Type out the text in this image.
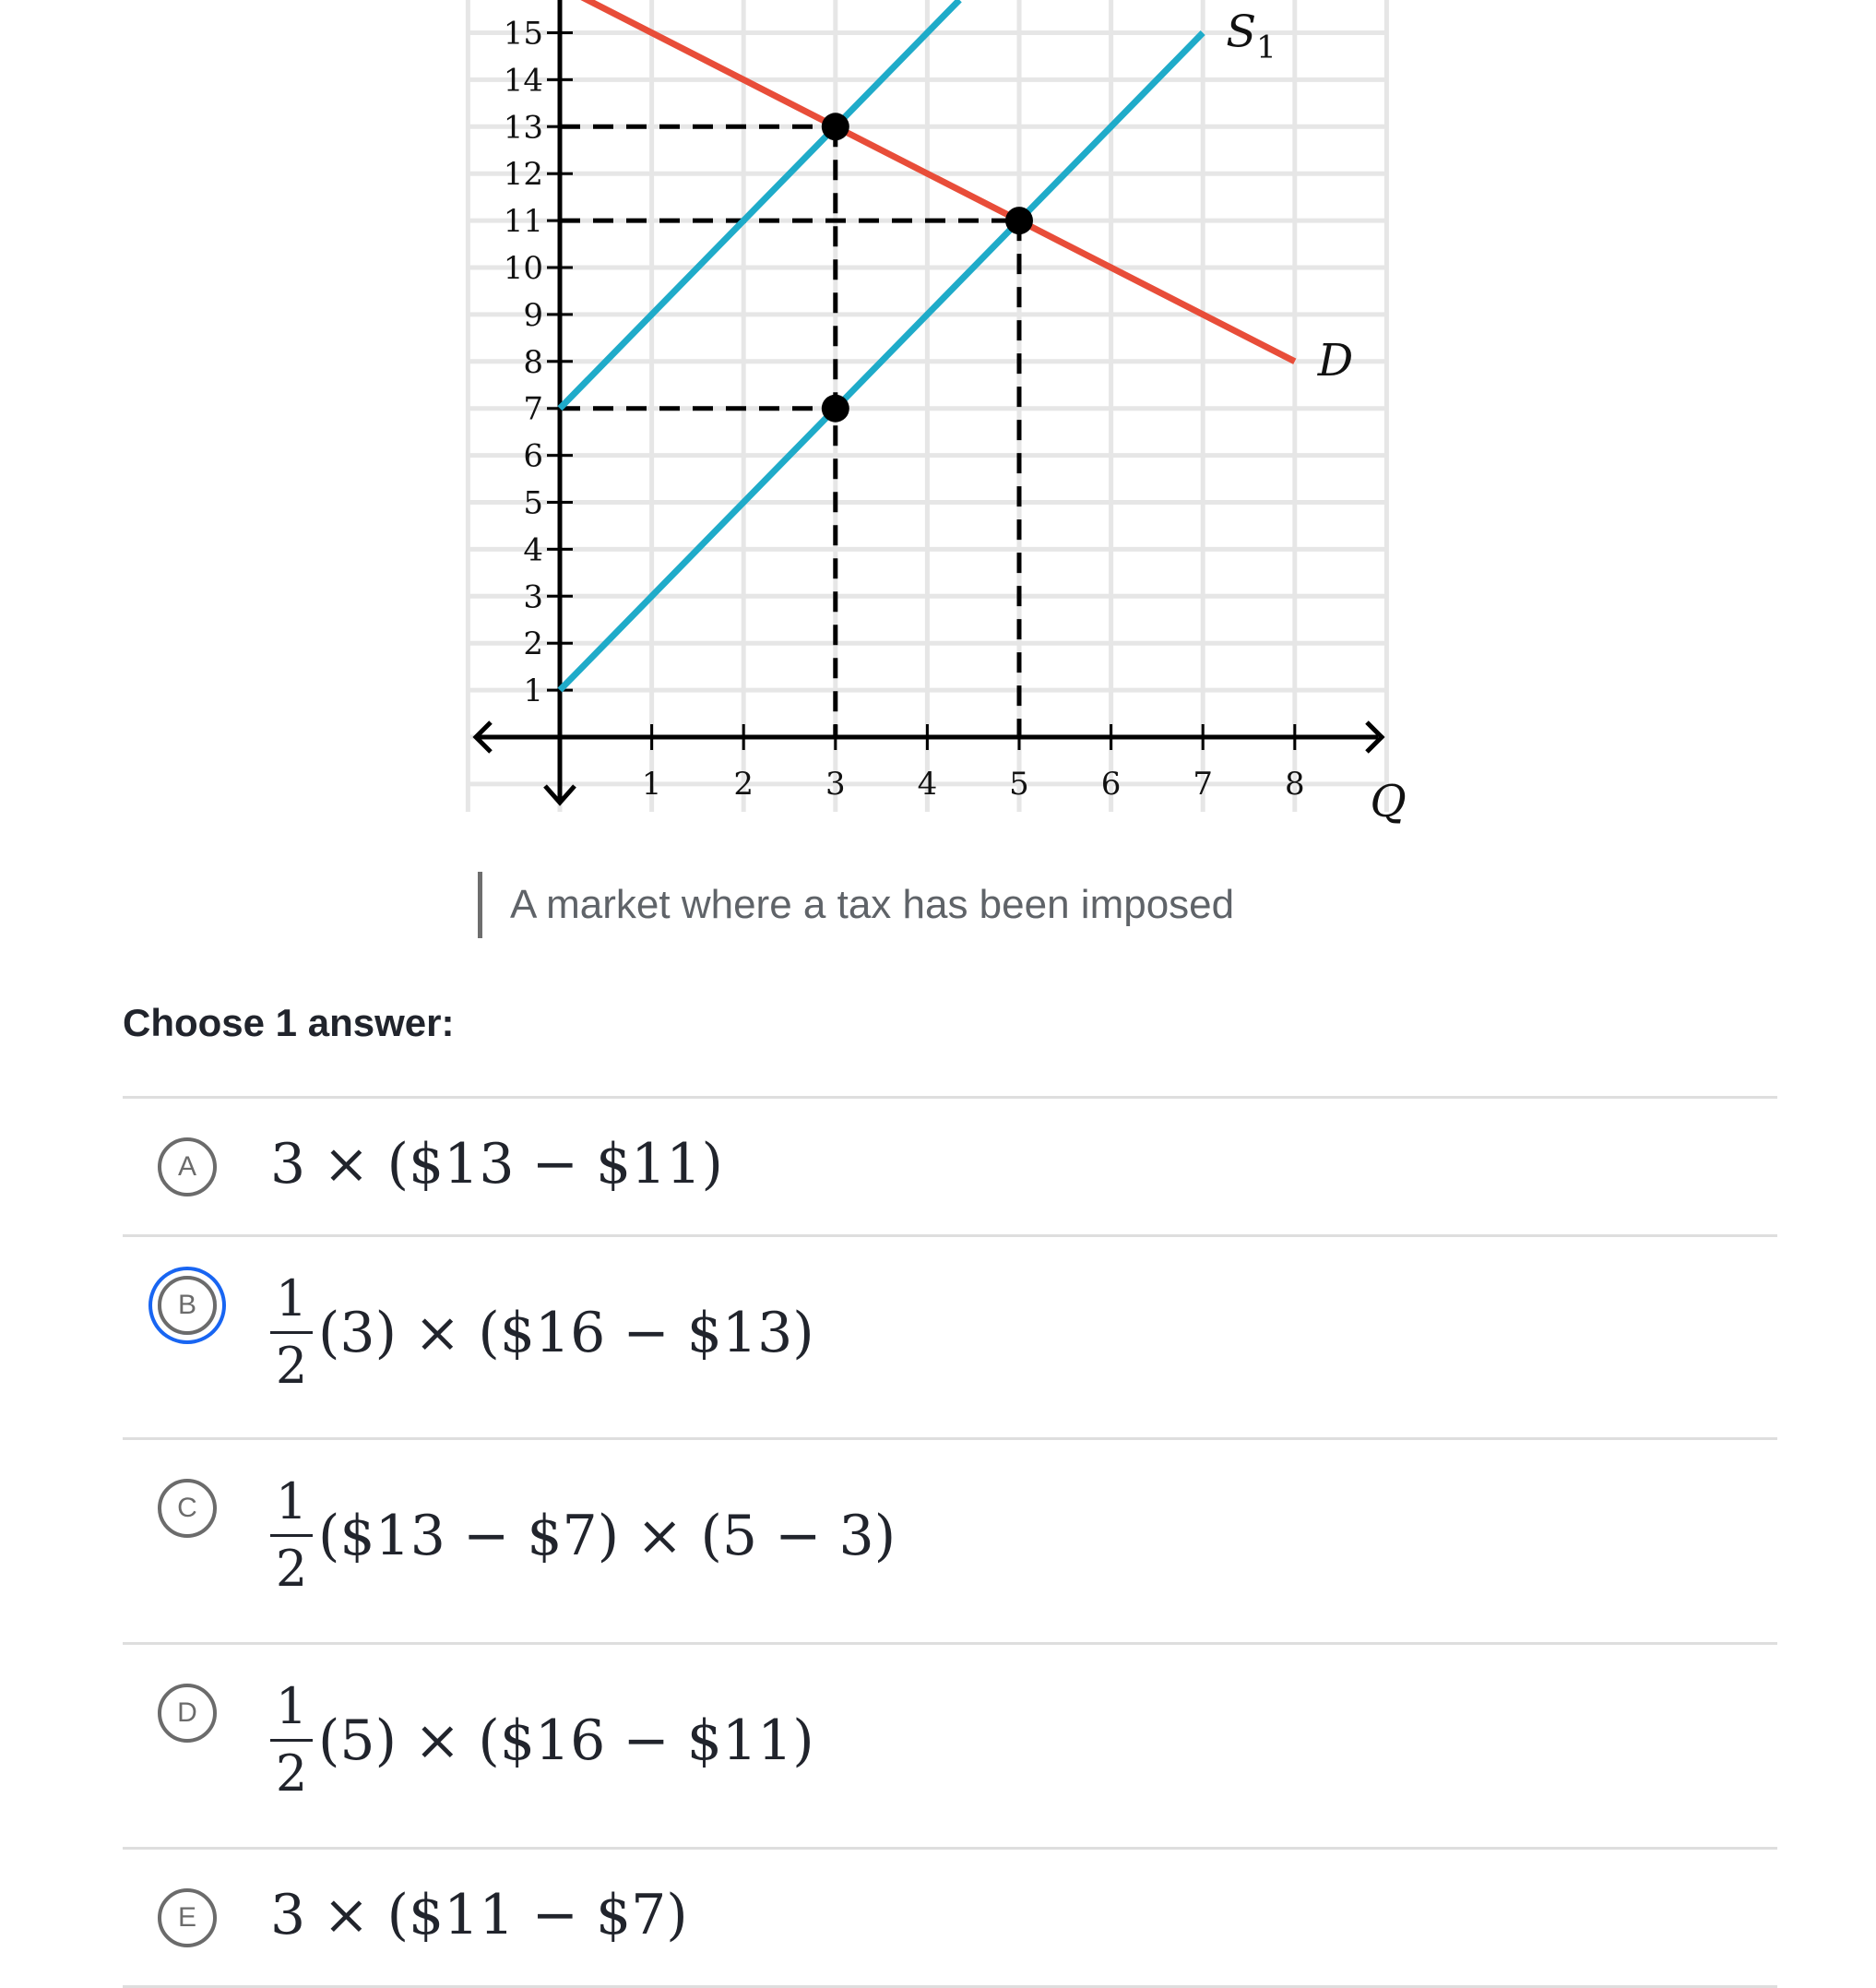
1 2 3 4 5 6 7 8
1
2
3
4
5
6
7
8
9
10
11
12
13
14
15
Q
D
$S_1$
A market where a tax has been imposed
Choose 1 answer:
A	3 × ($13 − $11)
B	$\frac{1}{2} (3)$ × ($16 − $13)
C	$\frac{1}{2}$ ($13 − $7) × (5 − 3)
D	$\frac{1}{2} (5)$ × ($16 − $11)
E	3 × ($11 − $7)
